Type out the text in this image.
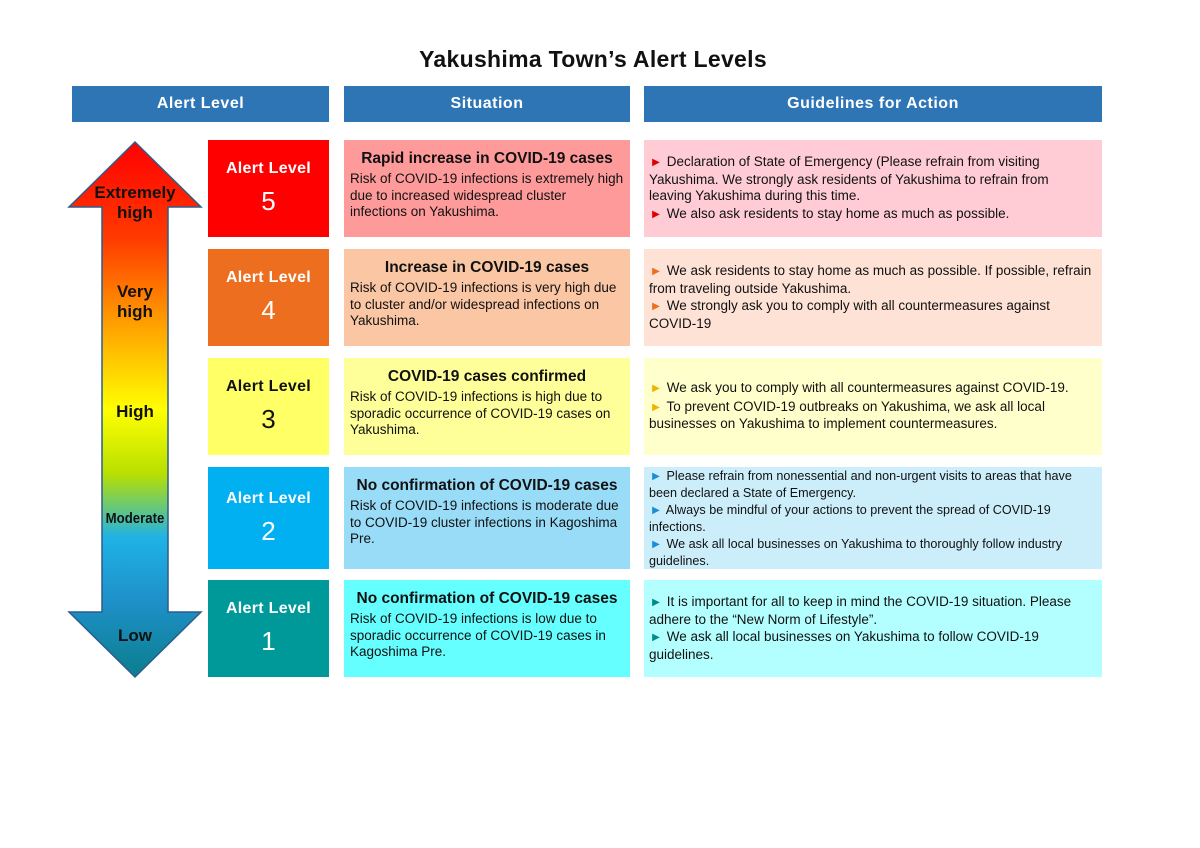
Yakushima Town’s Alert Levels
Alert Level	Situation	Guidelines for Action
Extremely
high
Very
high
High
Moderate
Low
Alert Level
5
Rapid increase in COVID-19 cases
Risk of COVID-19 infections is extremely high due to increased widespread cluster infections on Yakushima.

▶ Declaration of State of Emergency (Please refrain from visiting Yakushima. We strongly ask residents of Yakushima to refrain from leaving Yakushima during this time.

▶ We also ask residents to stay home as much as possible.

Alert Level
4
Increase in COVID-19 cases
Risk of COVID-19 infections is very high due to cluster and/or widespread infections on Yakushima.

▶ We ask residents to stay home as much as possible. If possible, refrain from traveling outside Yakushima.

▶ We strongly ask you to comply with all countermeasures against COVID-19

Alert Level
3
COVID-19 cases confirmed
Risk of COVID-19 infections is high due to sporadic occurrence of COVID-19 cases on Yakushima.

▶ We ask you to comply with all countermeasures against COVID-19.

▶ To prevent COVID-19 outbreaks on Yakushima, we ask all local businesses on Yakushima to implement countermeasures.

Alert Level
2
No confirmation of COVID-19 cases
Risk of COVID-19 infections is moderate due to COVID-19 cluster infections in Kagoshima Pre.

▶ Please refrain from nonessential and non-urgent visits to areas that have been declared a State of Emergency.

▶ Always be mindful of your actions to prevent the spread of COVID-19 infections.

▶ We ask all local businesses on Yakushima to thoroughly follow industry guidelines.

Alert Level
1
No confirmation of COVID-19 cases
Risk of COVID-19 infections is low due to sporadic occurrence of COVID-19 cases in Kagoshima Pre.

▶ It is important for all to keep in mind the COVID-19 situation. Please adhere to the “New Norm of Lifestyle”.

▶ We ask all local businesses on Yakushima to follow COVID-19 guidelines.
